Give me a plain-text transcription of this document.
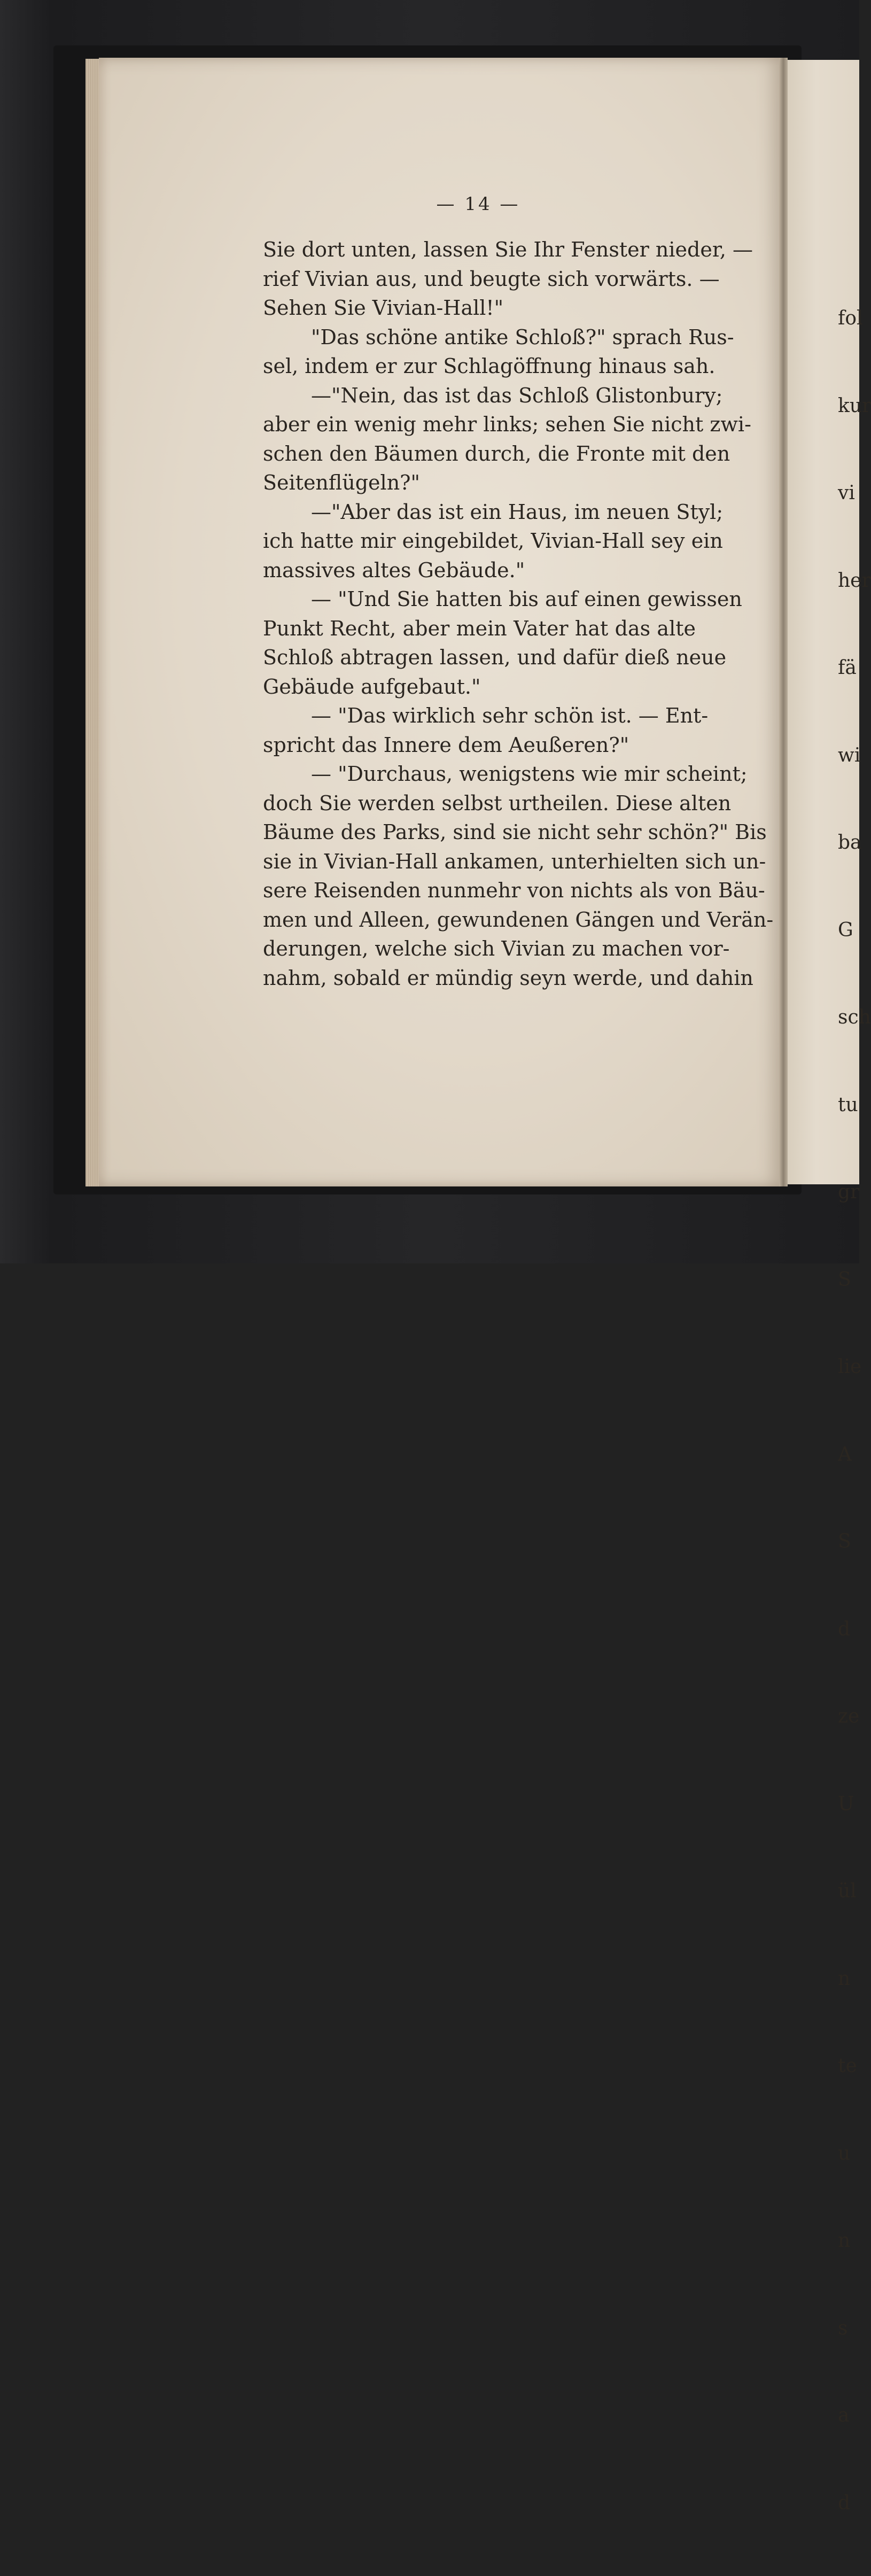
— 14 —
Sie dort unten, lassen Sie Ihr Fenster nieder, —
rief Vivian aus, und beugte sich vorwärts. —
Sehen Sie Vivian-Hall!"
"Das schöne antike Schloß?" sprach Rus-
sel, indem er zur Schlagöffnung hinaus sah.
—"Nein, das ist das Schloß Glistonbury;
aber ein wenig mehr links; sehen Sie nicht zwi-
schen den Bäumen durch, die Fronte mit den
Seitenflügeln?"
—"Aber das ist ein Haus, im neuen Styl;
ich hatte mir eingebildet, Vivian-Hall sey ein
massives altes Gebäude."
— "Und Sie hatten bis auf einen gewissen
Punkt Recht, aber mein Vater hat das alte
Schloß abtragen lassen, und dafür dieß neue
Gebäude aufgebaut."
— "Das wirklich sehr schön ist. — Ent-
spricht das Innere dem Aeußeren?"
— "Durchaus, wenigstens wie mir scheint;
doch Sie werden selbst urtheilen. Diese alten
Bäume des Parks, sind sie nicht sehr schön?" Bis
sie in Vivian-Hall ankamen, unterhielten sich un-
sere Reisenden nunmehr von nichts als von Bäu-
men und Alleen, gewundenen Gängen und Verän-
derungen, welche sich Vivian zu machen vor-
nahm, sobald er mündig seyn werde, und dahin

fol

kur

vi

her

fä

wi

ba

G

sch

tu

gr

S

lie

A

S

d

ze

U

ül

n

te

u

n

s

a

d
